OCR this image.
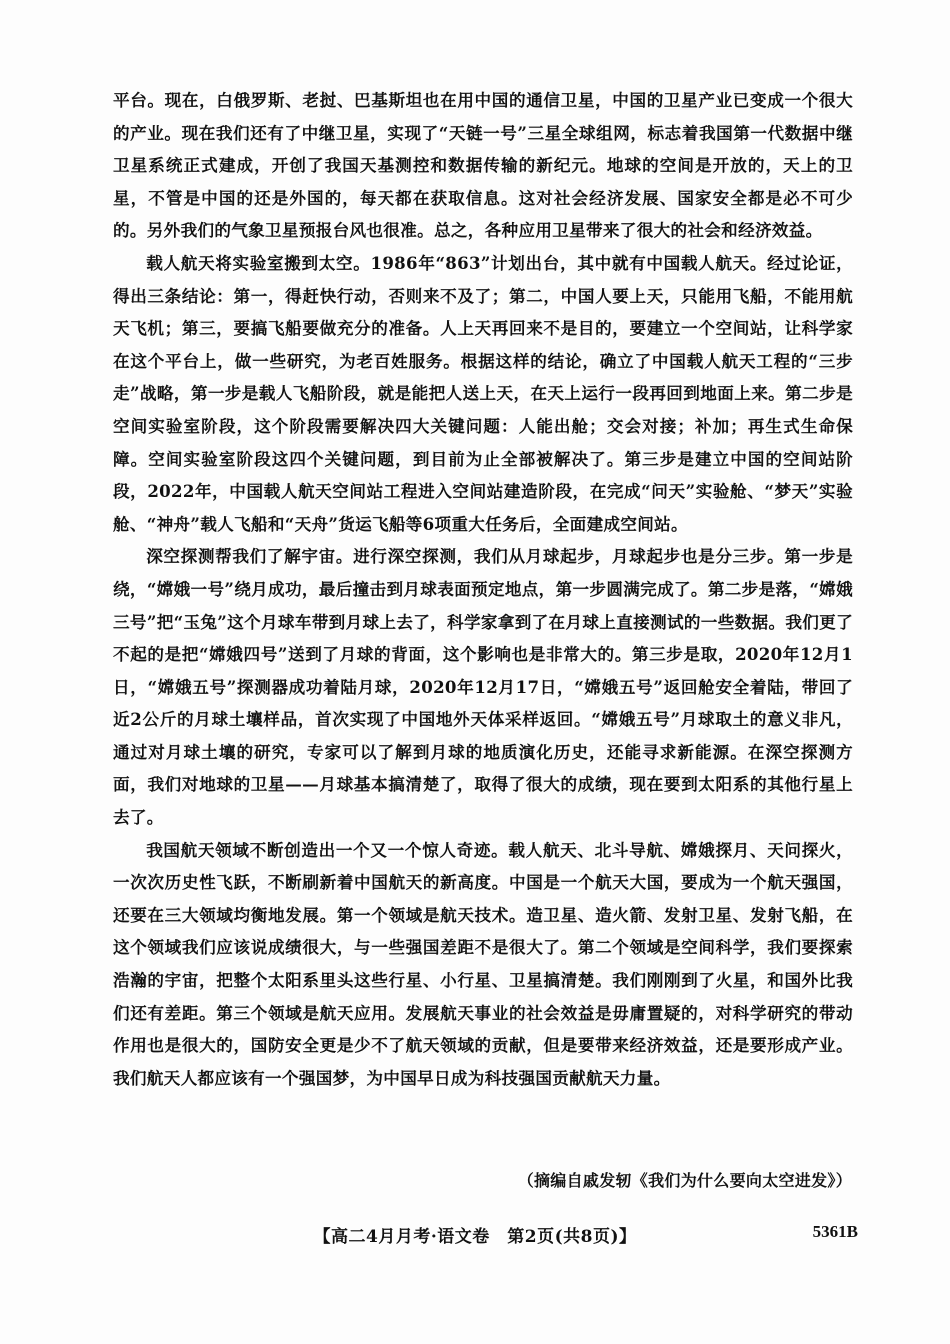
平台。现在，白俄罗斯、老挝、巴基斯坦也在用中国的通信卫星，中国的卫星产业已变成一个很大的产业。现在我们还有了中继卫星，实现了“天链一号”三星全球组网，标志着我国第一代数据中继卫星系统正式建成，开创了我国天基测控和数据传输的新纪元。地球的空间是开放的，天上的卫星，不管是中国的还是外国的，每天都在获取信息。这对社会经济发展、国家安全都是必不可少的。另外我们的气象卫星预报台风也很准。总之，各种应用卫星带来了很大的社会和经济效益。

载人航天将实验室搬到太空。1986年“863”计划出台，其中就有中国载人航天。经过论证，得出三条结论：第一，得赶快行动，否则来不及了；第二，中国人要上天，只能用飞船，不能用航天飞机；第三，要搞飞船要做充分的准备。人上天再回来不是目的，要建立一个空间站，让科学家在这个平台上，做一些研究，为老百姓服务。根据这样的结论，确立了中国载人航天工程的“三步走”战略，第一步是载人飞船阶段，就是能把人送上天，在天上运行一段再回到地面上来。第二步是空间实验室阶段，这个阶段需要解决四大关键问题：人能出舱；交会对接；补加；再生式生命保障。空间实验室阶段这四个关键问题，到目前为止全部被解决了。第三步是建立中国的空间站阶段，2022年，中国载人航天空间站工程进入空间站建造阶段，在完成“问天”实验舱、“梦天”实验舱、“神舟”载人飞船和“天舟”货运飞船等6项重大任务后，全面建成空间站。

深空探测帮我们了解宇宙。进行深空探测，我们从月球起步，月球起步也是分三步。第一步是绕，“嫦娥一号”绕月成功，最后撞击到月球表面预定地点，第一步圆满完成了。第二步是落，“嫦娥三号”把“玉兔”这个月球车带到月球上去了，科学家拿到了在月球上直接测试的一些数据。我们更了不起的是把“嫦娥四号”送到了月球的背面，这个影响也是非常大的。第三步是取，2020年12月1日，“嫦娥五号”探测器成功着陆月球，2020年12月17日，“嫦娥五号”返回舱安全着陆，带回了近2公斤的月球土壤样品，首次实现了中国地外天体采样返回。“嫦娥五号”月球取土的意义非凡，通过对月球土壤的研究，专家可以了解到月球的地质演化历史，还能寻求新能源。在深空探测方面，我们对地球的卫星——月球基本搞清楚了，取得了很大的成绩，现在要到太阳系的其他行星上去了。

我国航天领域不断创造出一个又一个惊人奇迹。载人航天、北斗导航、嫦娥探月、天问探火，一次次历史性飞跃，不断刷新着中国航天的新高度。中国是一个航天大国，要成为一个航天强国，还要在三大领域均衡地发展。第一个领域是航天技术。造卫星、造火箭、发射卫星、发射飞船，在这个领域我们应该说成绩很大，与一些强国差距不是很大了。第二个领域是空间科学，我们要探索浩瀚的宇宙，把整个太阳系里头这些行星、小行星、卫星搞清楚。我们刚刚到了火星，和国外比我们还有差距。第三个领域是航天应用。发展航天事业的社会效益是毋庸置疑的，对科学研究的带动作用也是很大的，国防安全更是少不了航天领域的贡献，但是要带来经济效益，还是要形成产业。我们航天人都应该有一个强国梦，为中国早日成为科技强国贡献航天力量。

（摘编自戚发轫《我们为什么要向太空进发》）
【高二4月月考·语文卷　第2页(共8页)】	5361B
